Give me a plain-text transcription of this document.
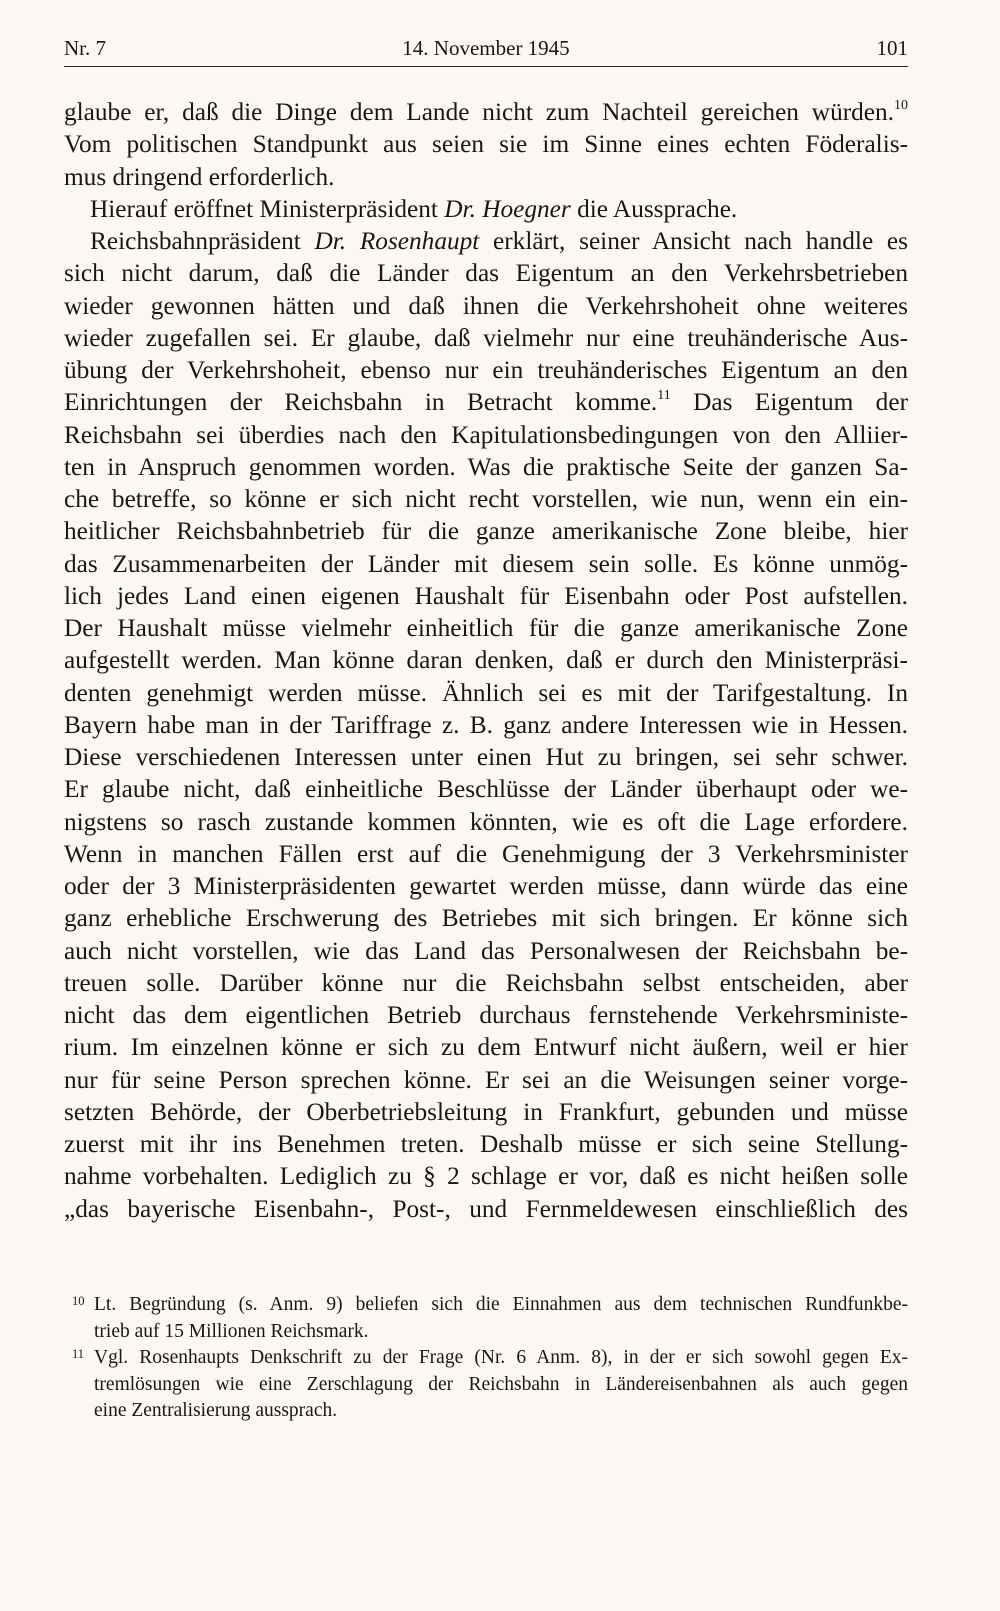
Nr. 7	14. November 1945	101
glaube er, daß die Dinge dem Lande nicht zum Nachteil gereichen würden.$^{10}$
Vom politischen Standpunkt aus seien sie im Sinne eines echten Föderalis-
mus dringend erforderlich.
Hierauf eröffnet Ministerpräsident Dr. Hoegner die Aussprache.
Reichsbahnpräsident Dr. Rosenhaupt erklärt, seiner Ansicht nach handle es
sich nicht darum, daß die Länder das Eigentum an den Verkehrsbetrieben
wieder gewonnen hätten und daß ihnen die Verkehrshoheit ohne weiteres
wieder zugefallen sei. Er glaube, daß vielmehr nur eine treuhänderische Aus-
übung der Verkehrshoheit, ebenso nur ein treuhänderisches Eigentum an den
Einrichtungen der Reichsbahn in Betracht komme.$^{11}$ Das Eigentum der
Reichsbahn sei überdies nach den Kapitulationsbedingungen von den Alliier-
ten in Anspruch genommen worden. Was die praktische Seite der ganzen Sa-
che betreffe, so könne er sich nicht recht vorstellen, wie nun, wenn ein ein-
heitlicher Reichsbahnbetrieb für die ganze amerikanische Zone bleibe, hier
das Zusammenarbeiten der Länder mit diesem sein solle. Es könne unmög-
lich jedes Land einen eigenen Haushalt für Eisenbahn oder Post aufstellen.
Der Haushalt müsse vielmehr einheitlich für die ganze amerikanische Zone
aufgestellt werden. Man könne daran denken, daß er durch den Ministerpräsi-
denten genehmigt werden müsse. Ähnlich sei es mit der Tarifgestaltung. In
Bayern habe man in der Tariffrage z. B. ganz andere Interessen wie in Hessen.
Diese verschiedenen Interessen unter einen Hut zu bringen, sei sehr schwer.
Er glaube nicht, daß einheitliche Beschlüsse der Länder überhaupt oder we-
nigstens so rasch zustande kommen könnten, wie es oft die Lage erfordere.
Wenn in manchen Fällen erst auf die Genehmigung der 3 Verkehrsminister
oder der 3 Ministerpräsidenten gewartet werden müsse, dann würde das eine
ganz erhebliche Erschwerung des Betriebes mit sich bringen. Er könne sich
auch nicht vorstellen, wie das Land das Personalwesen der Reichsbahn be-
treuen solle. Darüber könne nur die Reichsbahn selbst entscheiden, aber
nicht das dem eigentlichen Betrieb durchaus fernstehende Verkehrsministe-
rium. Im einzelnen könne er sich zu dem Entwurf nicht äußern, weil er hier
nur für seine Person sprechen könne. Er sei an die Weisungen seiner vorge-
setzten Behörde, der Oberbetriebsleitung in Frankfurt, gebunden und müsse
zuerst mit ihr ins Benehmen treten. Deshalb müsse er sich seine Stellung-
nahme vorbehalten. Lediglich zu § 2 schlage er vor, daß es nicht heißen solle
„das bayerische Eisenbahn-, Post-, und Fernmeldewesen einschließlich des
10 Lt. Begründung (s. Anm. 9) beliefen sich die Einnahmen aus dem technischen Rundfunkbe-
trieb auf 15 Millionen Reichsmark.
11 Vgl. Rosenhaupts Denkschrift zu der Frage (Nr. 6 Anm. 8), in der er sich sowohl gegen Ex-
tremlösungen wie eine Zerschlagung der Reichsbahn in Ländereisenbahnen als auch gegen
eine Zentralisierung aussprach.
